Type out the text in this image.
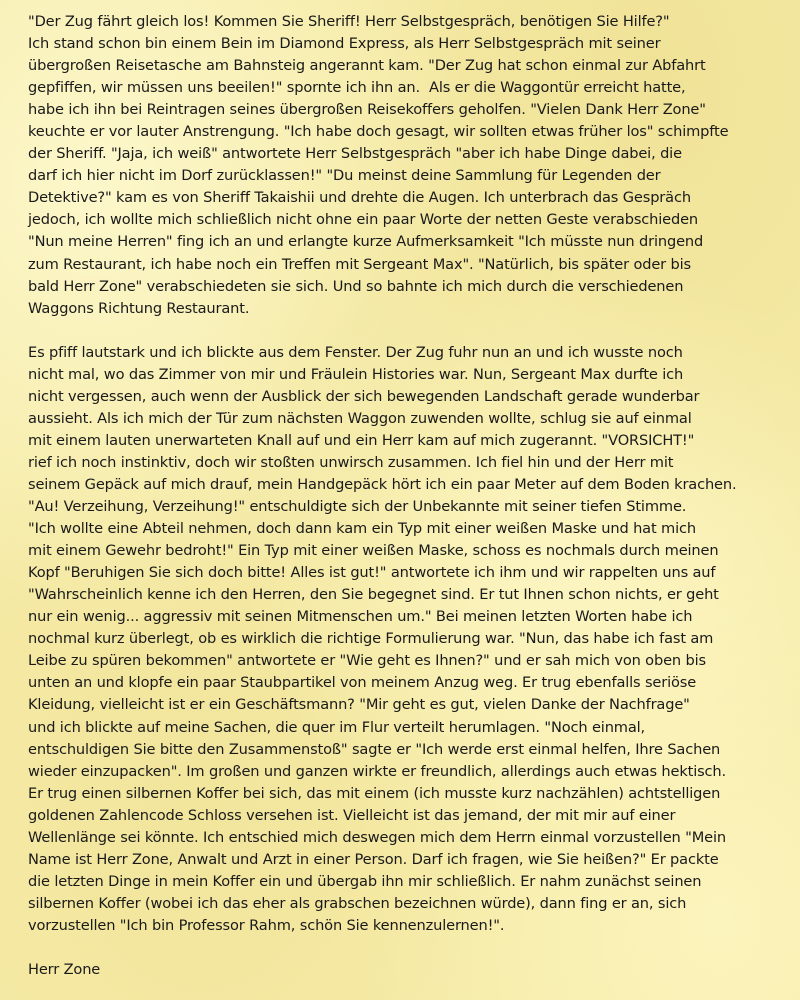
"Der Zug fährt gleich los! Kommen Sie Sheriff! Herr Selbstgespräch, benötigen Sie Hilfe?"
Ich stand schon bin einem Bein im Diamond Express, als Herr Selbstgespräch mit seiner
übergroßen Reisetasche am Bahnsteig angerannt kam. "Der Zug hat schon einmal zur Abfahrt
gepfiffen, wir müssen uns beeilen!" spornte ich ihn an.  Als er die Waggontür erreicht hatte,
habe ich ihn bei Reintragen seines übergroßen Reisekoffers geholfen. "Vielen Dank Herr Zone"
keuchte er vor lauter Anstrengung. "Ich habe doch gesagt, wir sollten etwas früher los" schimpfte
der Sheriff. "Jaja, ich weiß" antwortete Herr Selbstgespräch "aber ich habe Dinge dabei, die
darf ich hier nicht im Dorf zurücklassen!" "Du meinst deine Sammlung für Legenden der
Detektive?" kam es von Sheriff Takaishii und drehte die Augen. Ich unterbrach das Gespräch
jedoch, ich wollte mich schließlich nicht ohne ein paar Worte der netten Geste verabschieden
"Nun meine Herren" fing ich an und erlangte kurze Aufmerksamkeit "Ich müsste nun dringend
zum Restaurant, ich habe noch ein Treffen mit Sergeant Max". "Natürlich, bis später oder bis
bald Herr Zone" verabschiedeten sie sich. Und so bahnte ich mich durch die verschiedenen
Waggons Richtung Restaurant.
Es pfiff lautstark und ich blickte aus dem Fenster. Der Zug fuhr nun an und ich wusste noch
nicht mal, wo das Zimmer von mir und Fräulein Histories war. Nun, Sergeant Max durfte ich
nicht vergessen, auch wenn der Ausblick der sich bewegenden Landschaft gerade wunderbar
aussieht. Als ich mich der Tür zum nächsten Waggon zuwenden wollte, schlug sie auf einmal
mit einem lauten unerwarteten Knall auf und ein Herr kam auf mich zugerannt. "VORSICHT!"
rief ich noch instinktiv, doch wir stoßten unwirsch zusammen. Ich fiel hin und der Herr mit
seinem Gepäck auf mich drauf, mein Handgepäck hört ich ein paar Meter auf dem Boden krachen.
"Au! Verzeihung, Verzeihung!" entschuldigte sich der Unbekannte mit seiner tiefen Stimme.
"Ich wollte eine Abteil nehmen, doch dann kam ein Typ mit einer weißen Maske und hat mich
mit einem Gewehr bedroht!" Ein Typ mit einer weißen Maske, schoss es nochmals durch meinen
Kopf "Beruhigen Sie sich doch bitte! Alles ist gut!" antwortete ich ihm und wir rappelten uns auf
"Wahrscheinlich kenne ich den Herren, den Sie begegnet sind. Er tut Ihnen schon nichts, er geht
nur ein wenig... aggressiv mit seinen Mitmenschen um." Bei meinen letzten Worten habe ich
nochmal kurz überlegt, ob es wirklich die richtige Formulierung war. "Nun, das habe ich fast am
Leibe zu spüren bekommen" antwortete er "Wie geht es Ihnen?" und er sah mich von oben bis
unten an und klopfe ein paar Staubpartikel von meinem Anzug weg. Er trug ebenfalls seriöse
Kleidung, vielleicht ist er ein Geschäftsmann? "Mir geht es gut, vielen Danke der Nachfrage"
und ich blickte auf meine Sachen, die quer im Flur verteilt herumlagen. "Noch einmal,
entschuldigen Sie bitte den Zusammenstoß" sagte er "Ich werde erst einmal helfen, Ihre Sachen
wieder einzupacken". Im großen und ganzen wirkte er freundlich, allerdings auch etwas hektisch.
Er trug einen silbernen Koffer bei sich, das mit einem (ich musste kurz nachzählen) achtstelligen
goldenen Zahlencode Schloss versehen ist. Vielleicht ist das jemand, der mit mir auf einer
Wellenlänge sei könnte. Ich entschied mich deswegen mich dem Herrn einmal vorzustellen "Mein
Name ist Herr Zone, Anwalt und Arzt in einer Person. Darf ich fragen, wie Sie heißen?" Er packte
die letzten Dinge in mein Koffer ein und übergab ihn mir schließlich. Er nahm zunächst seinen
silbernen Koffer (wobei ich das eher als grabschen bezeichnen würde), dann fing er an, sich
vorzustellen "Ich bin Professor Rahm, schön Sie kennenzulernen!".
Herr Zone
